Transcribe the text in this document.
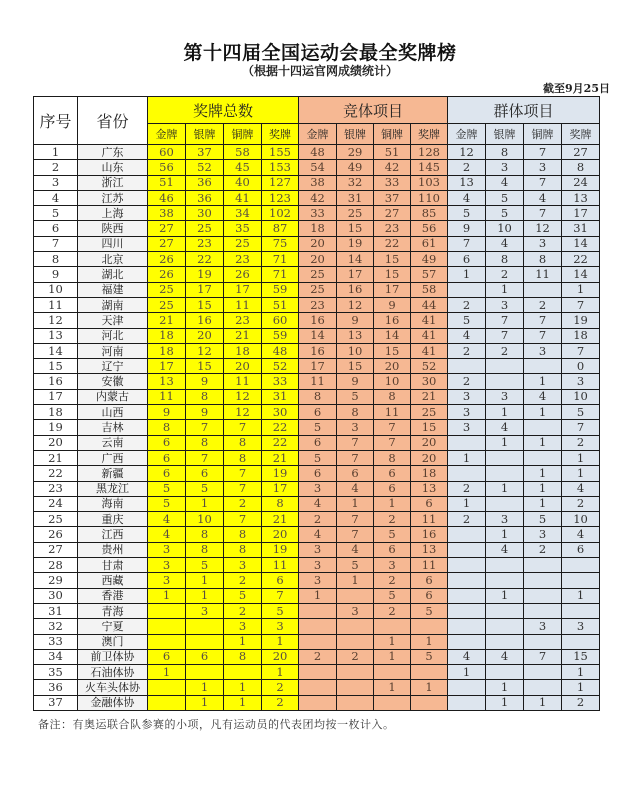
第十四届全国运动会最全奖牌榜
（根据十四运官网成绩统计）
截至9月25日
序号	省份	奖牌总数				竞体项目				群体项目			
		金牌	银牌	铜牌	奖牌	金牌	银牌	铜牌	奖牌	金牌	银牌	铜牌	奖牌
1	广东	60	37	58	155	48	29	51	128	12	8	7	27
2	山东	56	52	45	153	54	49	42	145	2	3	3	8
3	浙江	51	36	40	127	38	32	33	103	13	4	7	24
4	江苏	46	36	41	123	42	31	37	110	4	5	4	13
5	上海	38	30	34	102	33	25	27	85	5	5	7	17
6	陕西	27	25	35	87	18	15	23	56	9	10	12	31
7	四川	27	23	25	75	20	19	22	61	7	4	3	14
8	北京	26	22	23	71	20	14	15	49	6	8	8	22
9	湖北	26	19	26	71	25	17	15	57	1	2	11	14
10	福建	25	17	17	59	25	16	17	58		1		1
11	湖南	25	15	11	51	23	12	9	44	2	3	2	7
12	天津	21	16	23	60	16	9	16	41	5	7	7	19
13	河北	18	20	21	59	14	13	14	41	4	7	7	18
14	河南	18	12	18	48	16	10	15	41	2	2	3	7
15	辽宁	17	15	20	52	17	15	20	52				0
16	安徽	13	9	11	33	11	9	10	30	2		1	3
17	内蒙古	11	8	12	31	8	5	8	21	3	3	4	10
18	山西	9	9	12	30	6	8	11	25	3	1	1	5
19	吉林	8	7	7	22	5	3	7	15	3	4		7
20	云南	6	8	8	22	6	7	7	20		1	1	2
21	广西	6	7	8	21	5	7	8	20	1			1
22	新疆	6	6	7	19	6	6	6	18			1	1
23	黑龙江	5	5	7	17	3	4	6	13	2	1	1	4
24	海南	5	1	2	8	4	1	1	6	1		1	2
25	重庆	4	10	7	21	2	7	2	11	2	3	5	10
26	江西	4	8	8	20	4	7	5	16		1	3	4
27	贵州	3	8	8	19	3	4	6	13		4	2	6
28	甘肃	3	5	3	11	3	5	3	11				
29	西藏	3	1	2	6	3	1	2	6				
30	香港	1	1	5	7	1		5	6		1		1
31	青海		3	2	5		3	2	5				
32	宁夏			3	3							3	3
33	澳门			1	1			1	1				
34	前卫体协	6	6	8	20	2	2	1	5	4	4	7	15
35	石油体协	1			1					1			1
36	火车头体协		1	1	2			1	1		1		1
37	金融体协		1	1	2						1	1	2
备注：有奥运联合队参赛的小项，凡有运动员的代表团均按一枚计入。
